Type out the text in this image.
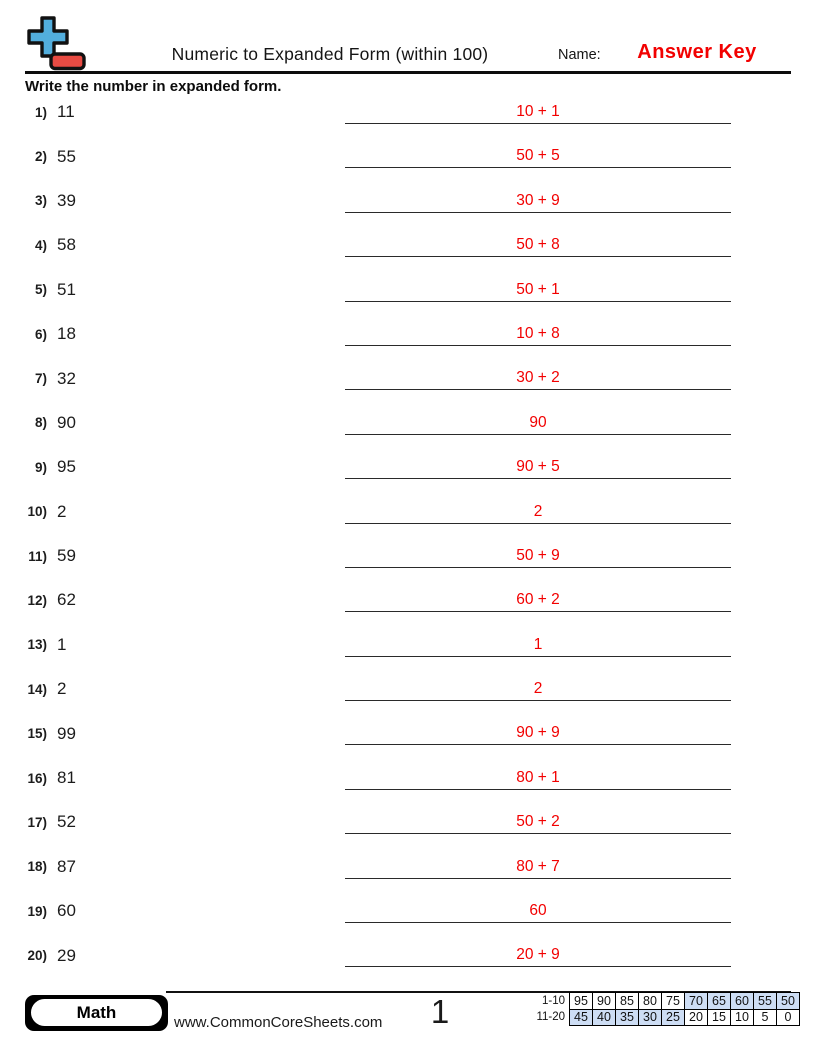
Numeric to Expanded Form (within 100)	Name:	Answer Key
Write the number in expanded form.
1) 11	10 + 1
2) 55	50 + 5
3) 39	30 + 9
4) 58	50 + 8
5) 51	50 + 1
6) 18	10 + 8
7) 32	30 + 2
8) 90	90
9) 95	90 + 5
10) 2	2
11) 59	50 + 9
12) 62	60 + 2
13) 1	1
14) 2	2
15) 99	90 + 9
16) 81	80 + 1
17) 52	50 + 2
18) 87	80 + 7
19) 60	60
20) 29	20 + 9
Math
www.CommonCoreSheets.com	1	1-10	95	90	85	80	75	70	65	60	55	50
11-20	45	40	35	30	25	20	15	10	5	0
